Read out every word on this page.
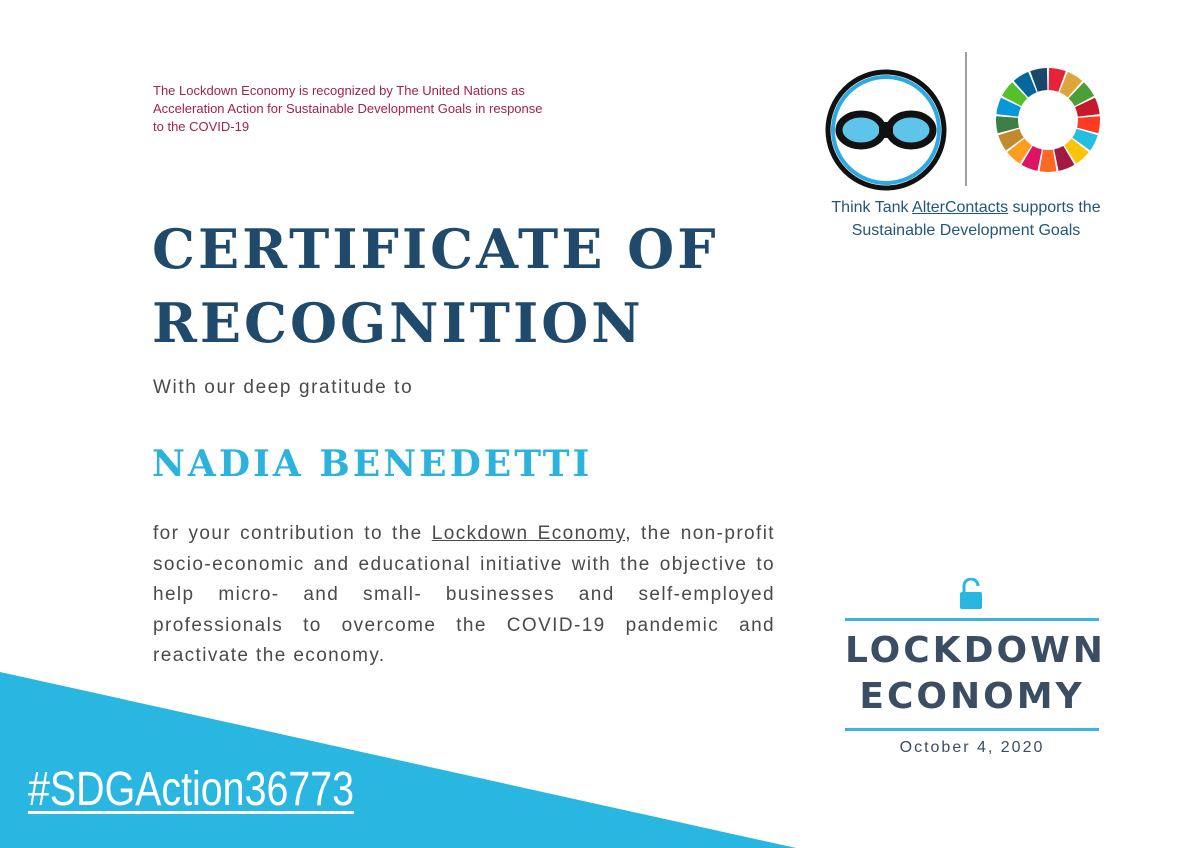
The Lockdown Economy is recognized by The United Nations as Acceleration Action for Sustainable Development Goals in response to the COVID-19
Think Tank AlterContacts supports the Sustainable Development Goals
CERTIFICATE OF RECOGNITION
With our deep gratitude to
NADIA BENEDETTI

for your contribution to the Lockdown Economy, the non-profit socio-economic and educational initiative with the objective to help micro- and small- businesses and self-employed professionals to overcome the COVID-19 pandemic and reactivate the economy.

#SDGAction36773
LOCKDOWN ECONOMY
October 4, 2020
